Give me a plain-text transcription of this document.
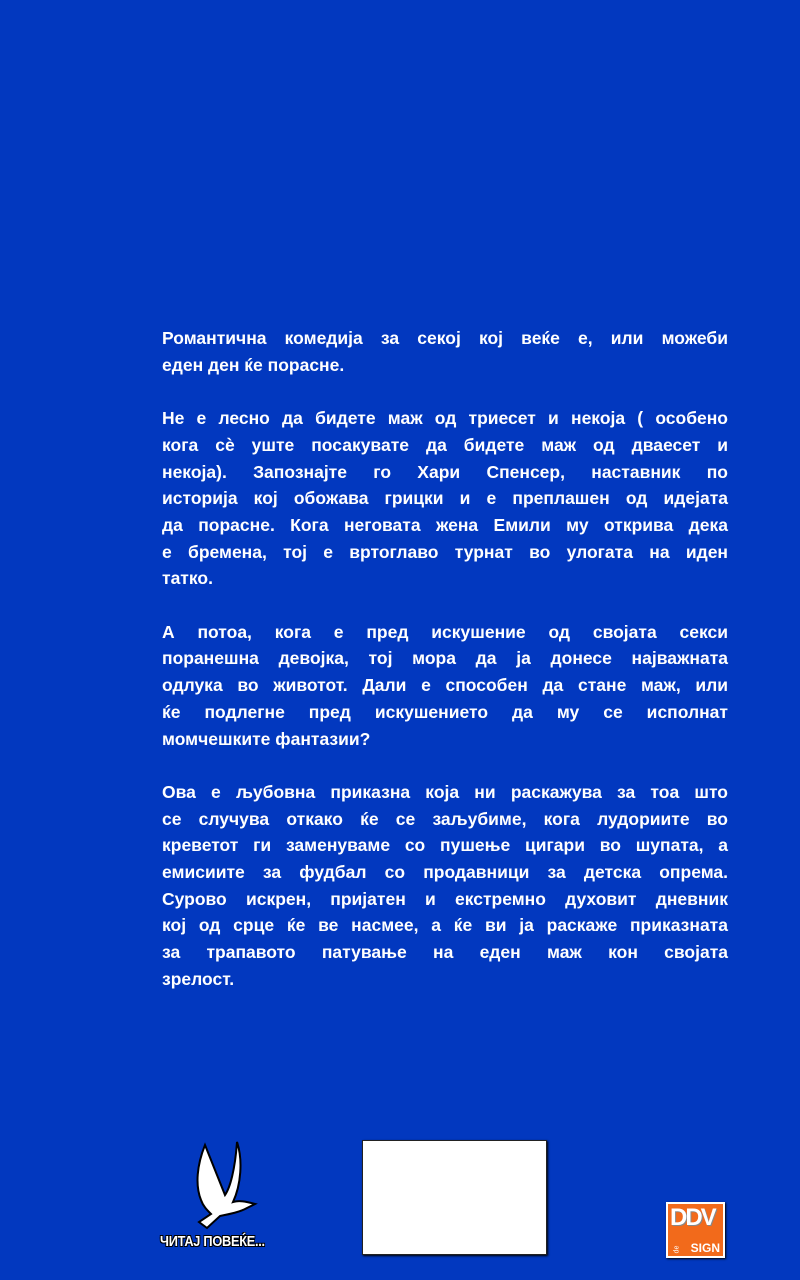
Романтична комедија за секој кој веќе е, или можеби
еден ден ќе порасне.

Не е лесно да бидете маж од триесет и некоја ( особено
кога сѐ уште посакувате да бидете маж од дваесет и
некоја). Запознајте го Хари Спенсер, наставник по
историја кој обожава грицки и е преплашен од идејата
да порасне. Кога неговата жена Емили му открива дека
е бремена, тој е вртоглаво турнат во улогата на иден
татко.

А потоа, кога е пред искушение од својата секси
поранешна девојка, тој мора да ја донесе најважната
одлука во животот. Дали е способен да стане маж, или
ќе подлегне пред искушението да му се исполнат
момчешките фантазии?

Ова е љубовна приказна која ни раскажува за тоа што
се случува откако ќе се заљубиме, кога лудориите во
креветот ги заменуваме со пушење цигари во шупата, а
емисиите за фудбал со продавници за детска опрема.
Сурово искрен, пријатен и екстремно духовит дневник
кој од срце ќе ве насмее, а ќе ви ја раскаже приказната
за трапавото патување на еден маж кон својата
зрелост.

ЧИТАЈ ПОВЕЌЕ...
DDV
de SIGN
